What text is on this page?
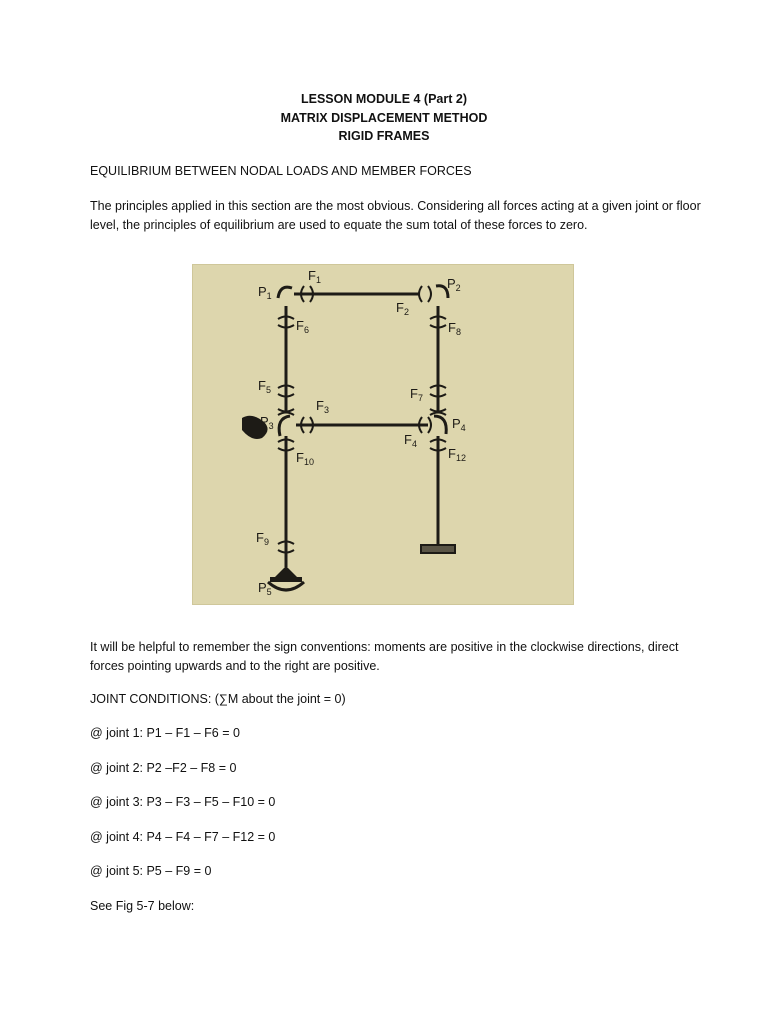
LESSON MODULE 4 (Part 2)
MATRIX DISPLACEMENT METHOD
RIGID FRAMES
EQUILIBRIUM BETWEEN NODAL LOADS AND MEMBER FORCES
The principles applied in this section are the most obvious. Considering all forces acting at a given joint or floor level, the principles of equilibrium are used to equate the sum total of these forces to zero.
$P_1$
$F_1$	$P_2$
$F_2$
$F_6$	$F_8$
$F_5$	$F_7$
$F_3$
$P_3$	$P_4$
$F_4$
$F_{10}$
$F_{12}$
$F_9$
$P_5$
It will be helpful to remember the sign conventions: moments are positive in the clockwise directions, direct forces pointing upwards and to the right are positive.
JOINT CONDITIONS: (∑M about the joint = 0)
@ joint 1: P1 – F1 – F6 = 0
@ joint 2: P2 –F2 – F8 = 0
@ joint 3: P3 – F3 – F5 – F10 = 0
@ joint 4: P4 – F4 – F7 – F12 = 0
@ joint 5: P5 – F9 = 0
See Fig 5-7 below:
